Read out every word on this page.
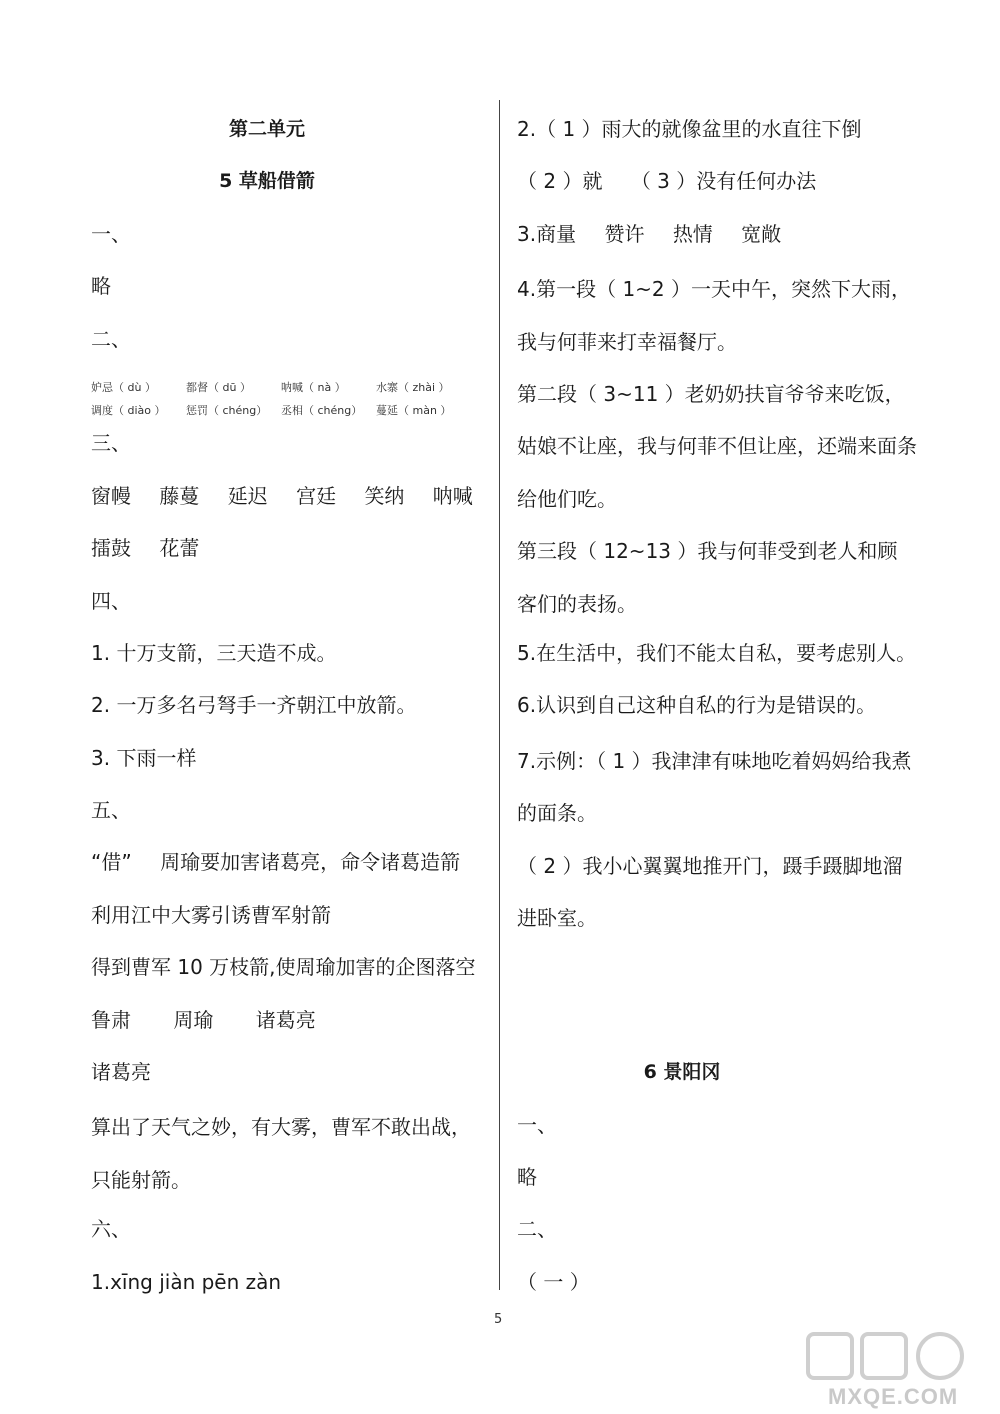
第二单元
5 草船借箭
一、
略
二、
妒忌（ dù ）	都督（ dū ）	呐喊（ nà ）	水寨（ zhài ）
调度（ diào ）	惩罚（ chéng）	丞相（ chéng）	蔓延（ màn ）
三、
窗幔 藤蔓 延迟 宫廷 笑纳 呐喊
擂鼓 花蕾
四、
1. 十万支箭，三天造不成。
2. 一万多名弓弩手一齐朝江中放箭。
3. 下雨一样
五、
“借” 周瑜要加害诸葛亮，命令诸葛造箭
利用江中大雾引诱曹军射箭
得到曹军 10 万枝箭,使周瑜加害的企图落空
鲁肃 周瑜 诸葛亮
诸葛亮
算出了天气之妙，有大雾，曹军不敢出战，只能射箭。
六、
1.xīng jiàn pēn zàn
2.（ 1 ）雨大的就像盆里的水直往下倒
（ 2 ）就 （ 3 ）没有任何办法
3.商量 赞许 热情 宽敞
4.第一段（ 1~2 ）一天中午，突然下大雨，我与何菲来打幸福餐厅。
第二段（ 3~11 ）老奶奶扶盲爷爷来吃饭，姑娘不让座，我与何菲不但让座，还端来面条给他们吃。
第三段（ 12~13 ）我与何菲受到老人和顾客们的表扬。
5.在生活中，我们不能太自私，要考虑别人。
6.认识到自己这种自私的行为是错误的。
7.示例：（ 1 ）我津津有味地吃着妈妈给我煮的面条。
（ 2 ）我小心翼翼地推开门，蹑手蹑脚地溜进卧室。
6 景阳冈
一、
略
二、
（ 一 ）
5
MXQE.COM
